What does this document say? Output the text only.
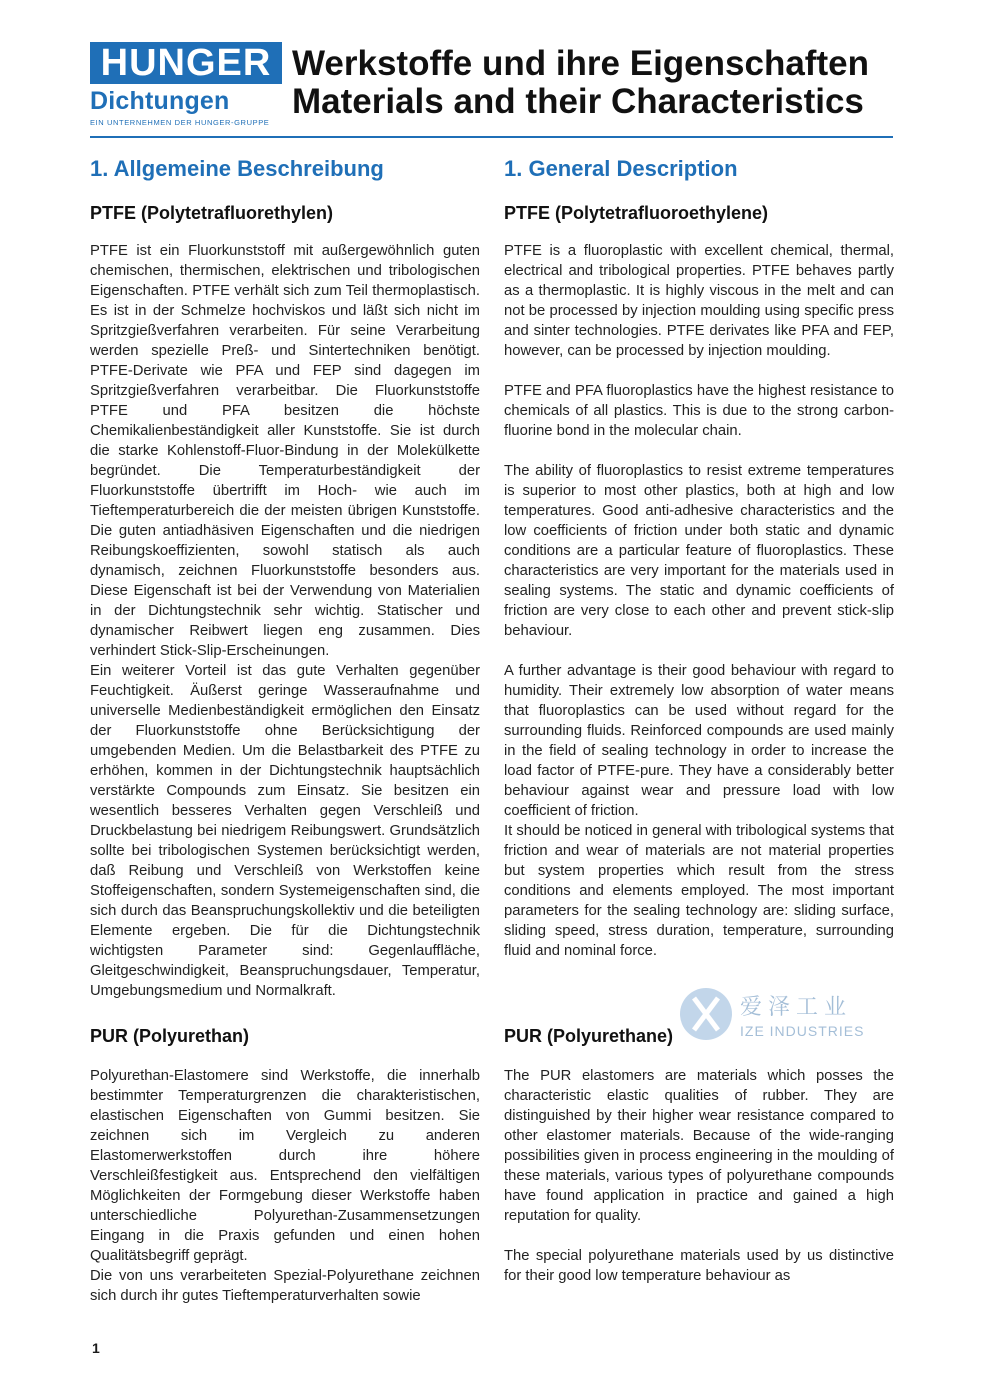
HUNGER
Dichtungen
EIN UNTERNEHMEN DER HUNGER-GRUPPE
Werkstoffe und ihre Eigenschaften
Materials and their Characteristics
1. Allgemeine Beschreibung
PTFE (Polytetrafluorethylen)

PTFE ist ein Fluorkunststoff mit außergewöhnlich guten chemischen, thermischen, elektrischen und tribologischen Eigenschaften. PTFE verhält sich zum Teil thermoplastisch. Es ist in der Schmelze hochviskos und läßt sich nicht im Spritzgießverfahren verarbeiten. Für seine Verarbeitung werden spezielle Preß- und Sintertechniken benötigt. PTFE-Derivate wie PFA und FEP sind dagegen im Spritzgießverfahren verarbeitbar. Die Fluorkunststoffe PTFE und PFA besitzen die höchste Chemikalienbeständigkeit aller Kunststoffe. Sie ist durch die starke Kohlenstoff-Fluor-Bindung in der Molekülkette begründet. Die Temperaturbeständigkeit der Fluorkunststoffe übertrifft im Hoch- wie auch im Tieftemperaturbereich die der meisten übrigen Kunststoffe. Die guten antiadhäsiven Eigenschaften und die niedrigen Reibungskoeffizienten, sowohl statisch als auch dynamisch, zeichnen Fluorkunststoffe besonders aus. Diese Eigenschaft ist bei der Verwendung von Materialien in der Dichtungstechnik sehr wichtig. Statischer und dynamischer Reibwert liegen eng zusammen. Dies verhindert Stick-Slip-Erscheinungen.

Ein weiterer Vorteil ist das gute Verhalten gegenüber Feuchtigkeit. Äußerst geringe Wasseraufnahme und universelle Medienbeständigkeit ermöglichen den Einsatz der Fluorkunststoffe ohne Berücksichtigung der umgebenden Medien. Um die Belastbarkeit des PTFE zu erhöhen, kommen in der Dichtungstechnik hauptsächlich verstärkte Compounds zum Einsatz. Sie besitzen ein wesentlich besseres Verhalten gegen Verschleiß und Druckbelastung bei niedrigem Reibungswert. Grundsätzlich sollte bei tribologischen Systemen berücksichtigt werden, daß Reibung und Verschleiß von Werkstoffen keine Stoffeigenschaften, sondern Systemeigenschaften sind, die sich durch das Beanspruchungskollektiv und die beteiligten Elemente ergeben. Die für die Dichtungstechnik wichtigsten Parameter sind: Gegenlauffläche, Gleitgeschwindigkeit, Beanspruchungsdauer, Temperatur, Umgebungsmedium und Normalkraft.

PUR (Polyurethan)

Polyurethan-Elastomere sind Werkstoffe, die innerhalb bestimmter Temperaturgrenzen die charakteristischen, elastischen Eigenschaften von Gummi besitzen. Sie zeichnen sich im Vergleich zu anderen Elastomerwerkstoffen durch ihre höhere Verschleißfestigkeit aus. Entsprechend den vielfältigen Möglichkeiten der Formgebung dieser Werkstoffe haben unterschiedliche Polyurethan-Zusammensetzungen Eingang in die Praxis gefunden und einen hohen Qualitätsbegriff geprägt.

Die von uns verarbeiteten Spezial-Polyurethane zeichnen sich durch ihr gutes Tieftemperaturverhalten sowie

1. General Description
PTFE (Polytetrafluoroethylene)

PTFE is a fluoroplastic with excellent chemical, thermal, electrical and tribological properties. PTFE behaves partly as a thermoplastic. It is highly viscous in the melt and can not be processed by injection moulding using specific press and sinter technologies. PTFE derivates like PFA and FEP, however, can be processed by injection moulding.

PTFE and PFA fluoroplastics have the highest resistance to chemicals of all plastics. This is due to the strong carbon-fluorine bond in the molecular chain.

The ability of fluoroplastics to resist extreme temperatures is superior to most other plastics, both at high and low temperatures. Good anti-adhesive characteristics and the low coefficients of friction under both static and dynamic conditions are a particular feature of fluoroplastics. These characteristics are very important for the materials used in sealing systems. The static and dynamic coefficients of friction are very close to each other and prevent stick-slip behaviour.

A further advantage is their good behaviour with regard to humidity. Their extremely low absorption of water means that fluoroplastics can be used without regard for the surrounding fluids. Reinforced compounds are used mainly in the field of sealing technology in order to increase the load factor of PTFE-pure. They have a considerably better behaviour against wear and pressure load with low coefficient of friction.

It should be noticed in general with tribological systems that friction and wear of materials are not material properties but system properties which result from the stress conditions and elements employed. The most important parameters for the sealing technology are: sliding surface, sliding speed, stress duration, temperature, surrounding fluid and nominal force.

PUR (Polyurethane)

The PUR elastomers are materials which posses the characteristic elastic qualities of rubber. They are distinguished by their higher wear resistance compared to other elastomer materials. Because of the wide-ranging possibilities given in process engineering in the moulding of these materials, various types of polyurethane compounds have found application in practice and gained a high reputation for quality.

The special polyurethane materials used by us distinctive for their good low temperature behaviour as

爱泽工业
IZE INDUSTRIES
1
